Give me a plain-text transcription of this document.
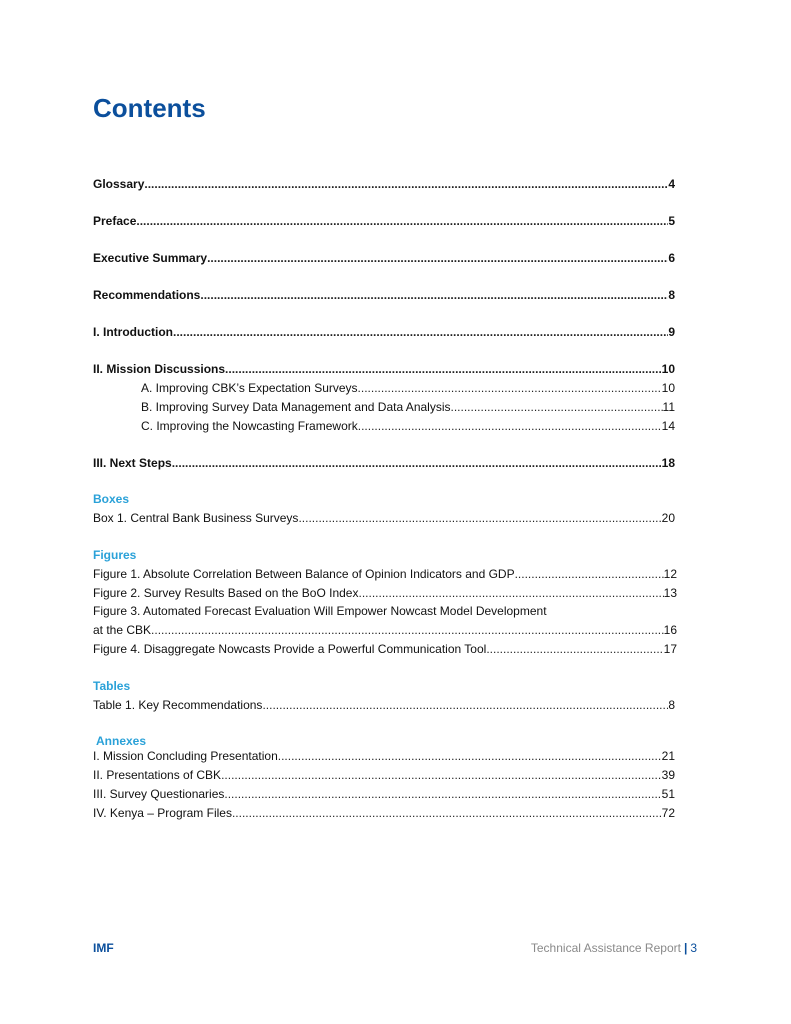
Contents
Glossary .....	4
Preface .....	5
Executive Summary .....	6
Recommendations .....	8
I. Introduction .....	9
II. Mission Discussions .....	10
A. Improving CBK’s Expectation Surveys .....	10
B. Improving Survey Data Management and Data Analysis .....	11
C. Improving the Nowcasting Framework .....	14
III. Next Steps .....	18
Boxes
Box 1. Central Bank Business Surveys .....	20
Figures
Figure 1. Absolute Correlation Between Balance of Opinion Indicators and GDP .....	12
Figure 2. Survey Results Based on the BoO Index .....	13
Figure 3. Automated Forecast Evaluation Will Empower Nowcast Model Development
at the CBK .....	16
Figure 4. Disaggregate Nowcasts Provide a Powerful Communication Tool .....	17
Tables
Table 1. Key Recommendations .....	8
Annexes
I. Mission Concluding Presentation .....	21
II. Presentations of CBK .....	39
III. Survey Questionaries .....	51
IV. Kenya – Program Files .....	72
IMF	Technical Assistance Report | 3
